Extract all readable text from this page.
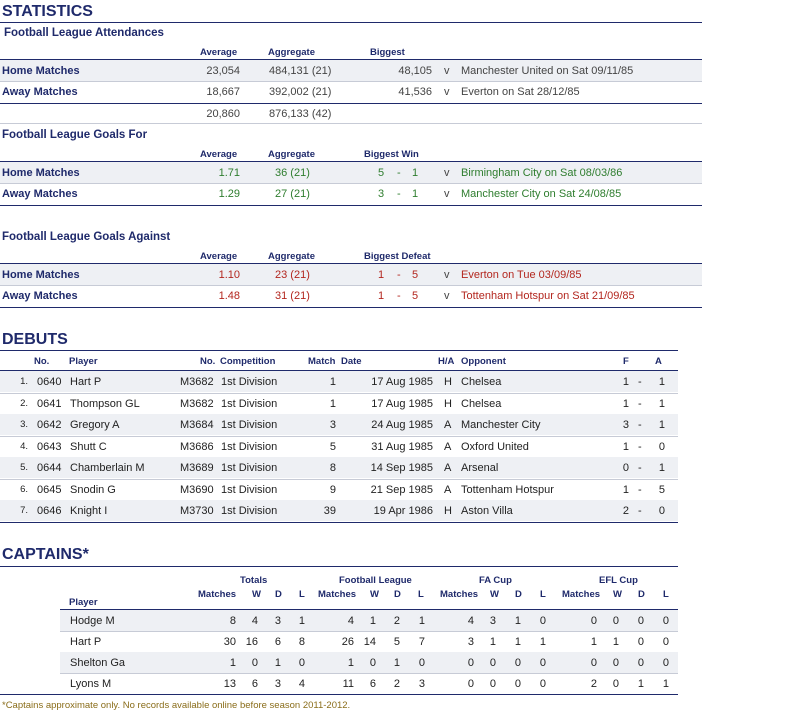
STATISTICS
Football League Attendances
Average	Aggregate	Biggest
Home Matches	23,054	484,131 (21)	48,105 v Manchester United on Sat 09/11/85
Away Matches	18,667	392,002 (21)	41,536 v Everton on Sat 28/12/85
20,860	876,133 (42)
Football League Goals For
Average	Aggregate	Biggest Win
Home Matches	1.71	36 (21)	5 - 1 v Birmingham City on Sat 08/03/86
Away Matches	1.29	27 (21)	3 - 1 v Manchester City on Sat 24/08/85
Football League Goals Against
Average	Aggregate	Biggest Defeat
Home Matches	1.10	23 (21)	1 - 5 v Everton on Tue 03/09/85
Away Matches	1.48	31 (21)	1 - 5 v Tottenham Hotspur on Sat 21/09/85
DEBUTS
No. Player	No. Competition	Match Date	H/A Opponent	F	A
1. 0640 Hart P	M3682 1st Division	1	17 Aug 1985 H Chelsea	1 -	1
2. 0641 Thompson GL	M3682 1st Division	1	17 Aug 1985 H Chelsea	1 -	1
3. 0642 Gregory A	M3684 1st Division	3	24 Aug 1985 A Manchester City	3 -	1
4. 0643 Shutt C	M3686 1st Division	5	31 Aug 1985 A Oxford United	1 -	0
5. 0644 Chamberlain M	M3689 1st Division	8	14 Sep 1985 A Arsenal	0 -	1
6. 0645 Snodin G	M3690 1st Division	9	21 Sep 1985 A Tottenham Hotspur	1 -	5
7. 0646 Knight I	M3730 1st Division	39	19 Apr 1986 H Aston Villa	2 -	0
CAPTAINS*
Totals	Football League	FA Cup	EFL Cup
Matches W D L Matches W D L Matches W D L Matches W D L
Player
Hodge M	8	4	3	1	4	1	2	1	4	3	1	0	0	0	0	0
Hart P	30 16	6	8	26 14	5	7	3	1	1	1	1	1	0	0
Shelton Ga	1	0	1	0	1	0	1	0	0	0	0	0	0	0	0	0
Lyons M	13	6	3	4	11	6	2	3	0	0	0	0	2	0	1	1
*Captains approximate only. No records available online before season 2011-2012.
